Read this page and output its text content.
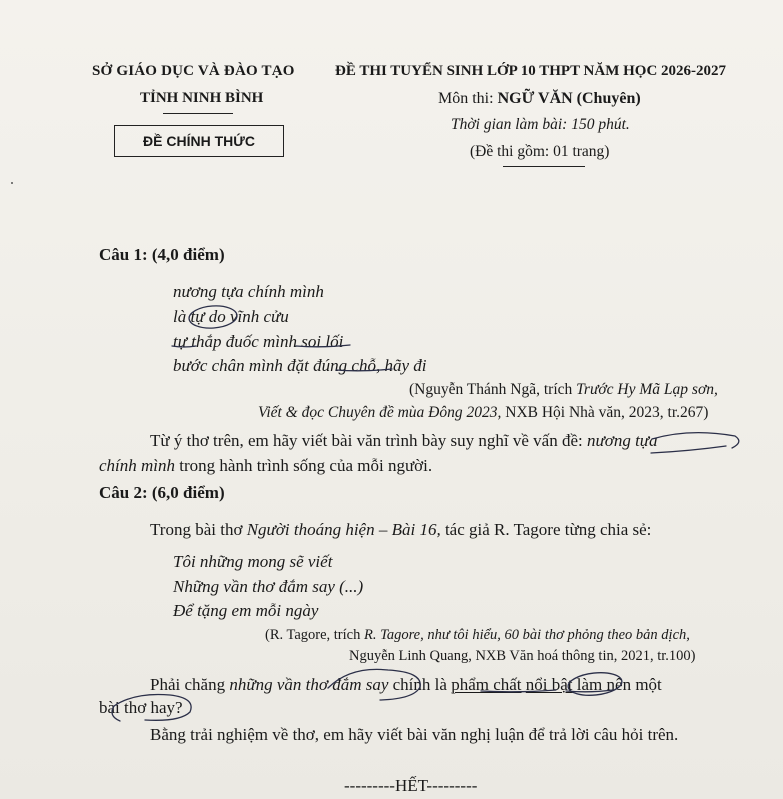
SỞ GIÁO DỤC VÀ ĐÀO TẠO
TỈNH NINH BÌNH
ĐỀ CHÍNH THỨC
ĐỀ THI TUYỂN SINH LỚP 10 THPT NĂM HỌC 2026-2027
Môn thi: NGỮ VĂN (Chuyên)
Thời gian làm bài: 150 phút.
(Đề thi gồm: 01 trang)
Câu 1: (4,0 điểm)
nương tựa chính mình
là tự do vĩnh cửu
tự thắp đuốc mình soi lối
bước chân mình đặt đúng chỗ, hãy đi
(Nguyễn Thánh Ngã, trích Trước Hy Mã Lạp sơn,
Viết & đọc Chuyên đề mùa Đông 2023, NXB Hội Nhà văn, 2023, tr.267)
Từ ý thơ trên, em hãy viết bài văn trình bày suy nghĩ về vấn đề: nương tựa
chính mình trong hành trình sống của mỗi người.
Câu 2: (6,0 điểm)
Trong bài thơ Người thoáng hiện – Bài 16, tác giả R. Tagore từng chia sẻ:
Tôi những mong sẽ viết
Những vần thơ đắm say (...)
Để tặng em mỗi ngày
(R. Tagore, trích R. Tagore, như tôi hiểu, 60 bài thơ phỏng theo bản dịch,
Nguyễn Linh Quang, NXB Văn hoá thông tin, 2021, tr.100)
Phải chăng những vần thơ đắm say chính là phẩm chất nổi bật làm nên một
bài thơ hay?
Bằng trải nghiệm về thơ, em hãy viết bài văn nghị luận để trả lời câu hỏi trên.
---------HẾT---------
